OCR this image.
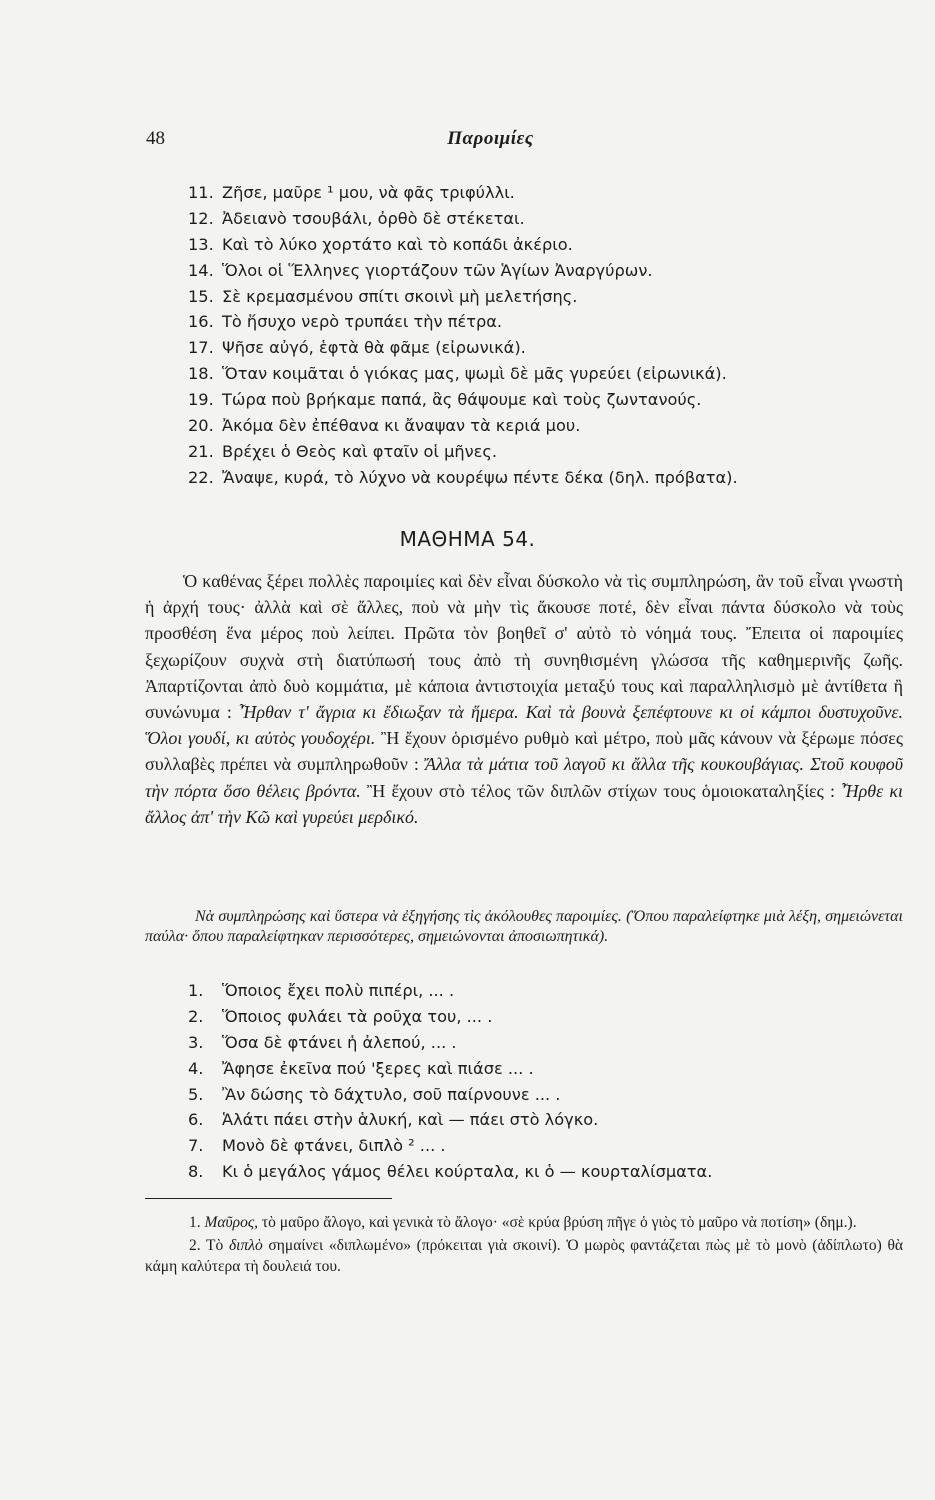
48	Παροιμίες
11. Ζῆσε, μαῦρε ¹ μου, νὰ φᾶς τριφύλλι.
12. Ἀδειανὸ τσουβάλι, ὀρθὸ δὲ στέκεται.
13. Καὶ τὸ λύκο χορτάτο καὶ τὸ κοπάδι ἀκέριο.
14. Ὅλοι οἱ Ἕλληνες γιορτάζουν τῶν Ἁγίων Ἀναργύρων.
15. Σὲ κρεμασμένου σπίτι σκοινὶ μὴ μελετήσης.
16. Τὸ ἥσυχο νερὸ τρυπάει τὴν πέτρα.
17. Ψῆσε αὐγό, ἑφτὰ θὰ φᾶμε (εἰρωνικά).
18. Ὅταν κοιμᾶται ὁ γιόκας μας, ψωμὶ δὲ μᾶς γυρεύει (εἰρωνικά).
19. Τώρα ποὺ βρήκαμε παπά, ἂς θάψουμε καὶ τοὺς ζωντανούς.
20. Ἀκόμα δὲν ἐπέθανα κι ἄναψαν τὰ κεριά μου.
21. Βρέχει ὁ Θεὸς καὶ φταῖν οἱ μῆνες.
22. Ἄναψε, κυρά, τὸ λύχνο νὰ κουρέψω πέντε δέκα (δηλ. πρόβατα).
ΜΑΘΗΜΑ 54.

Ὁ καθένας ξέρει πολλὲς παροιμίες καὶ δὲν εἶναι δύσκολο νὰ τὶς συμπληρώση, ἂν τοῦ εἶναι γνωστὴ ἡ ἀρχή τους· ἀλλὰ καὶ σὲ ἄλλες, ποὺ νὰ μὴν τὶς ἄκουσε ποτέ, δὲν εἶναι πάντα δύσκολο νὰ τοὺς προσθέση ἕνα μέρος ποὺ λείπει. Πρῶτα τὸν βοηθεῖ σ' αὐτὸ τὸ νόημά τους. Ἔπειτα οἱ παροιμίες ξεχωρίζουν συχνὰ στὴ διατύπωσή τους ἀπὸ τὴ συνηθισμένη γλώσσα τῆς καθημερινῆς ζωῆς. Ἀπαρτίζονται ἀπὸ δυὸ κομμάτια, μὲ κάποια ἀντιστοιχία μεταξύ τους καὶ παραλληλισμὸ μὲ ἀντίθετα ἢ συνώνυμα : Ἦρθαν τ' ἄγρια κι ἔδιωξαν τὰ ἥμερα. Καὶ τὰ βουνὰ ξεπέφτουνε κι οἱ κάμποι δυστυχοῦνε. Ὅλοι γουδί, κι αὐτὸς γουδοχέρι. Ἢ ἔχουν ὁρισμένο ρυθμὸ καὶ μέτρο, ποὺ μᾶς κάνουν νὰ ξέρωμε πόσες συλλαβὲς πρέπει νὰ συμπληρωθοῦν : Ἄλλα τὰ μάτια τοῦ λαγοῦ κι ἄλλα τῆς κουκουβάγιας. Στοῦ κουφοῦ τὴν πόρτα ὅσο θέλεις βρόντα. Ἢ ἔχουν στὸ τέλος τῶν διπλῶν στίχων τους ὁμοιοκαταληξίες : Ἦρθε κι ἄλλος ἀπ' τὴν Κῶ καὶ γυρεύει μερδικό.

Νὰ συμπληρώσης καὶ ὕστερα νὰ ἐξηγήσης τὶς ἀκόλουθες παροιμίες. (Ὅπου παραλείφτηκε μιὰ λέξη, σημειώνεται παύλα· ὅπου παραλείφτηκαν περισσότερες, σημειώνονται ἀποσιωπητικά).

1. Ὅποιος ἔχει πολὺ πιπέρι, ... .
2. Ὅποιος φυλάει τὰ ροῦχα του, ... .
3. Ὅσα δὲ φτάνει ἡ ἀλεπού, ... .
4. Ἄφησε ἐκεῖνα πού 'ξερες καὶ πιάσε ... .
5. Ἂν δώσης τὸ δάχτυλο, σοῦ παίρνουνε ... .
6. Ἁλάτι πάει στὴν ἁλυκή, καὶ — πάει στὸ λόγκο.
7. Μονὸ δὲ φτάνει, διπλὸ ² ... .
8. Κι ὁ μεγάλος γάμος θέλει κούρταλα, κι ὁ — κουρταλίσματα.

1. Μαῦρος, τὸ μαῦρο ἄλογο, καὶ γενικὰ τὸ ἄλογο· «σὲ κρύα βρύση πῆγε ὁ γιὸς τὸ μαῦρο νὰ ποτίση» (δημ.).

2. Τὸ διπλὸ σημαίνει «διπλωμένο» (πρόκειται γιὰ σκοινί). Ὁ μωρὸς φαντάζεται πὼς μὲ τὸ μονὸ (ἀδίπλωτο) θὰ κάμη καλύτερα τὴ δουλειά του.
